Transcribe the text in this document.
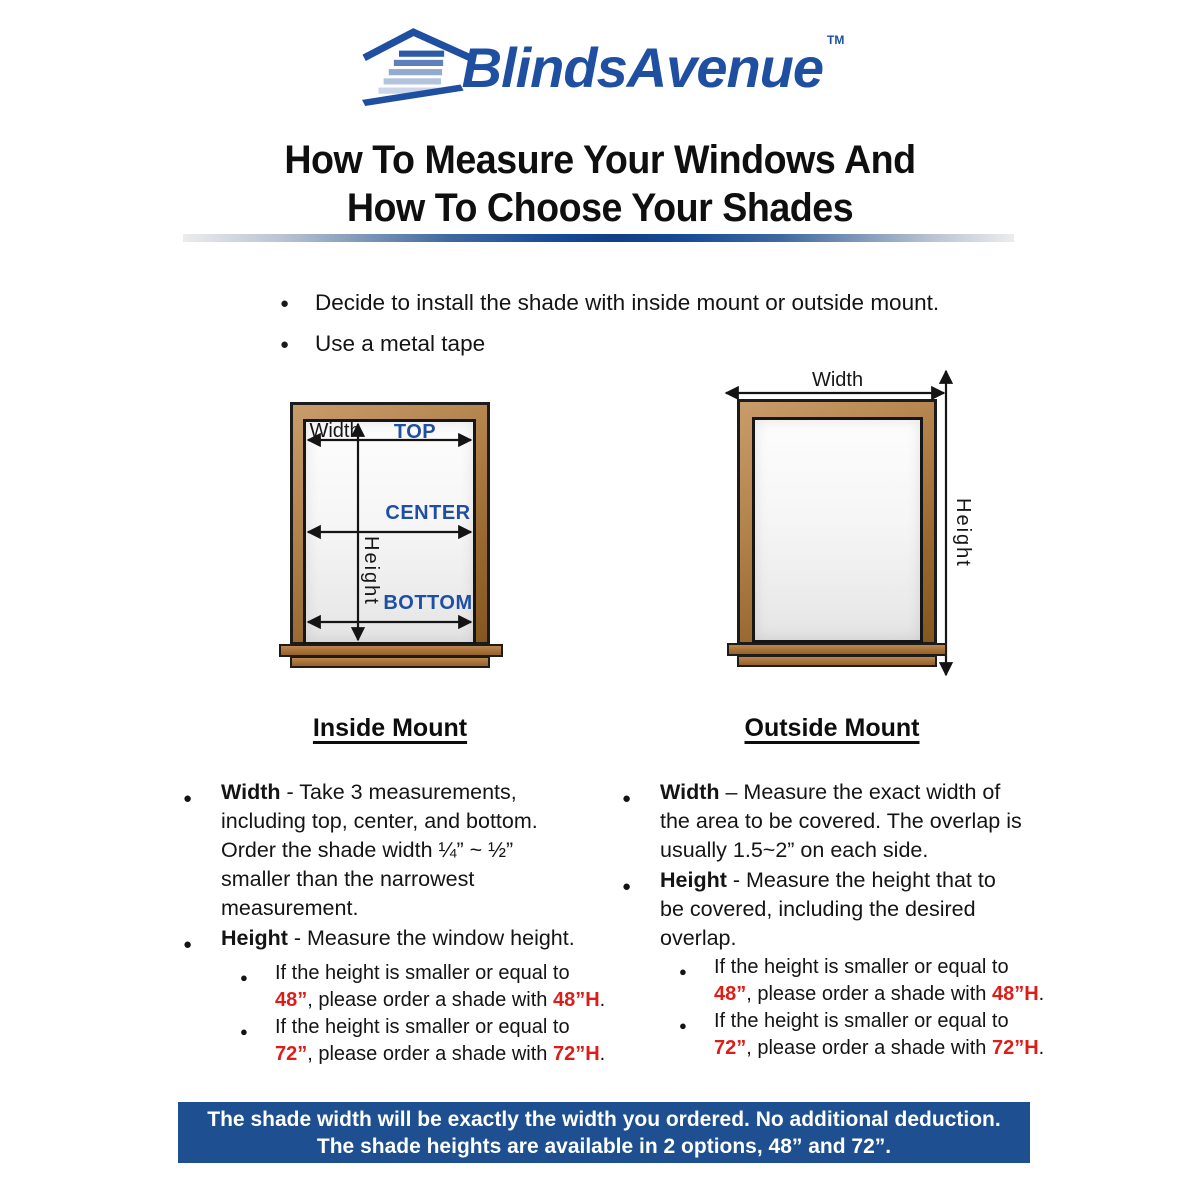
BlindsAvenue ™
How To Measure Your Windows And
How To Choose Your Shades
●	Decide to install the shade with inside mount or outside mount.
●	Use a metal tape
Width	TOP
CENTER
BOTTOM
Height
Width
Height
Inside Mount	Outside Mount
●	Width - Take 3 measurements,
including top, center, and bottom.
Order the shade width ¼” ~ ½”
smaller than the narrowest
measurement.
●	Height - Measure the window height.
●	If the height is smaller or equal to
48”, please order a shade with 48”H.
●	If the height is smaller or equal to
72”, please order a shade with 72”H.
●	Width – Measure the exact width of
the area to be covered. The overlap is
usually 1.5~2” on each side.
●	Height - Measure the height that to
be covered, including the desired
overlap.
●	If the height is smaller or equal to
48”, please order a shade with 48”H.
●	If the height is smaller or equal to
72”, please order a shade with 72”H.
The shade width will be exactly the width you ordered. No additional deduction.
The shade heights are available in 2 options, 48” and 72”.
